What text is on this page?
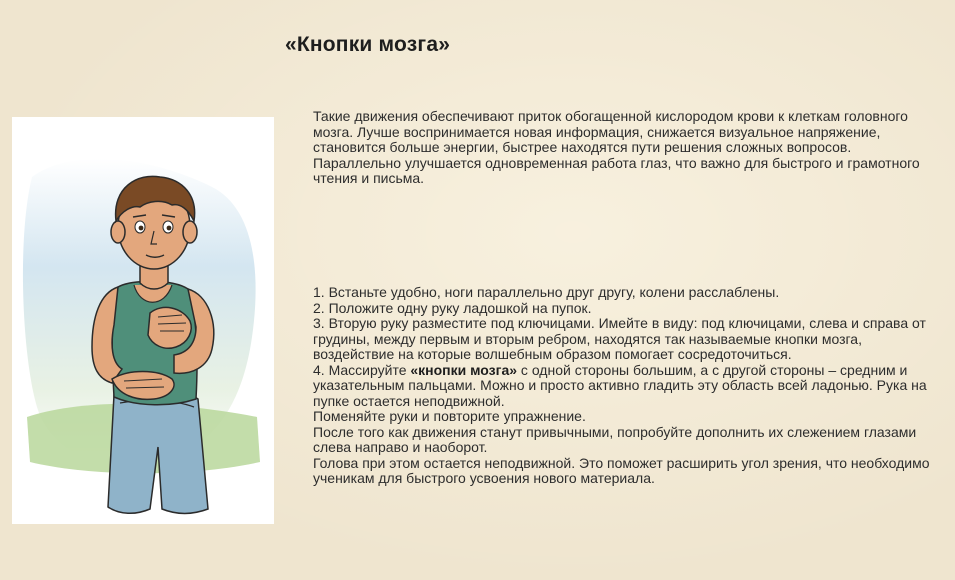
«Кнопки мозга»
Такие движения обеспечивают приток обогащенной кислородом крови к клеткам головного мозга. Лучше воспринимается новая информация, снижается визуальное напряжение, становится больше энергии, быстрее находятся пути решения сложных вопросов. Параллельно улучшается одновременная работа глаз, что важно для быстрого и грамотного чтения и письма.

1. Встаньте удобно, ноги параллельно друг другу, колени расслаблены.

2. Положите одну руку ладошкой на пупок.

3. Вторую руку разместите под ключицами. Имейте в виду: под ключицами, слева и справа от грудины, между первым и вторым ребром, находятся так называемые кнопки мозга, воздействие на которые волшебным образом помогает сосредоточиться.

4. Массируйте «кнопки мозга» с одной стороны большим, а с другой стороны – средним и указательным пальцами. Можно и просто активно гладить эту область всей ладонью. Рука на пупке остается неподвижной.

Поменяйте руки и повторите упражнение.

После того как движения станут привычными, попробуйте дополнить их слежением глазами слева направо и наоборот.

Голова при этом остается неподвижной. Это поможет расширить угол зрения, что необходимо ученикам для быстрого усвоения нового материала.
